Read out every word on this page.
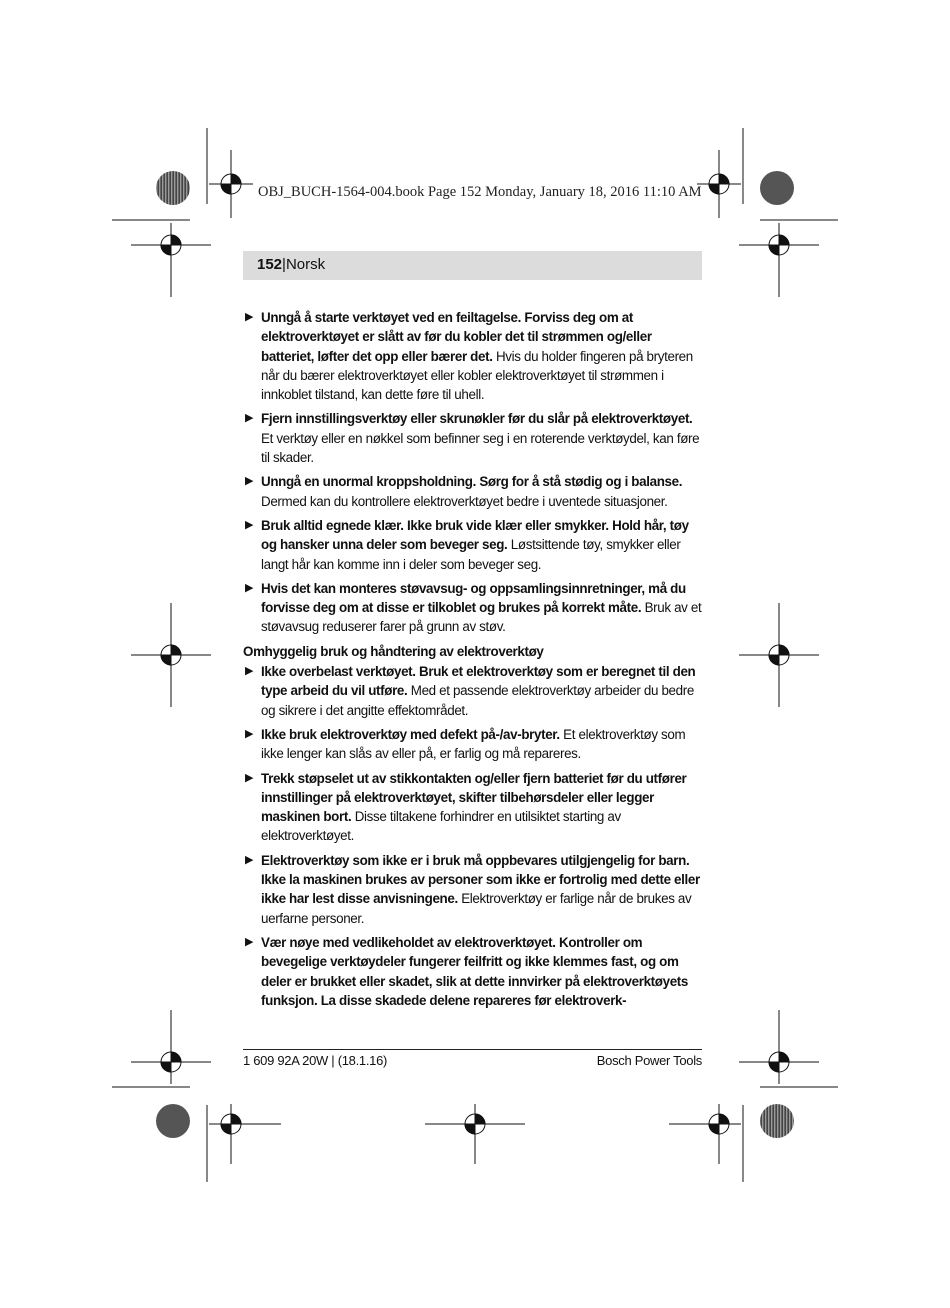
OBJ_BUCH-1564-004.book Page 152 Monday, January 18, 2016 11:10 AM
152|Norsk
▶ Unngå å starte verktøyet ved en feiltagelse. Forviss deg om at elektroverktøyet er slått av før du kobler det til strømmen og/eller batteriet, løfter det opp eller bærer det. Hvis du holder fingeren på bryteren når du bærer elektroverktøyet eller kobler elektroverktøyet til strømmen i innkoblet tilstand, kan dette føre til uhell.
▶ Fjern innstillingsverktøy eller skrunøkler før du slår på elektroverktøyet. Et verktøy eller en nøkkel som befinner seg i en roterende verktøydel, kan føre til skader.
▶ Unngå en unormal kroppsholdning. Sørg for å stå stødig og i balanse. Dermed kan du kontrollere elektroverktøyet bedre i uventede situasjoner.
▶ Bruk alltid egnede klær. Ikke bruk vide klær eller smykker. Hold hår, tøy og hansker unna deler som beveger seg. Løstsittende tøy, smykker eller langt hår kan komme inn i deler som beveger seg.
▶ Hvis det kan monteres støvavsug- og oppsamlingsinnretninger, må du forvisse deg om at disse er tilkoblet og brukes på korrekt måte. Bruk av et støvavsug reduserer farer på grunn av støv.
Omhyggelig bruk og håndtering av elektroverktøy
▶ Ikke overbelast verktøyet. Bruk et elektroverktøy som er beregnet til den type arbeid du vil utføre. Med et passende elektroverktøy arbeider du bedre og sikrere i det angitte effektområdet.
▶ Ikke bruk elektroverktøy med defekt på-/av-bryter. Et elektroverktøy som ikke lenger kan slås av eller på, er farlig og må repareres.
▶ Trekk støpselet ut av stikkontakten og/eller fjern batteriet før du utfører innstillinger på elektroverktøyet, skifter tilbehørsdeler eller legger maskinen bort. Disse tiltakene forhindrer en utilsiktet starting av elektroverktøyet.
▶ Elektroverktøy som ikke er i bruk må oppbevares utilgjengelig for barn. Ikke la maskinen brukes av personer som ikke er fortrolig med dette eller ikke har lest disse anvisningene. Elektroverktøy er farlige når de brukes av uerfarne personer.
▶ Vær nøye med vedlikeholdet av elektroverktøyet. Kontroller om bevegelige verktøydeler fungerer feilfritt og ikke klemmes fast, og om deler er brukket eller skadet, slik at dette innvirker på elektroverktøyets funksjon. La disse skadede delene repareres før elektroverk-
1 609 92A 20W | (18.1.16)	Bosch Power Tools
